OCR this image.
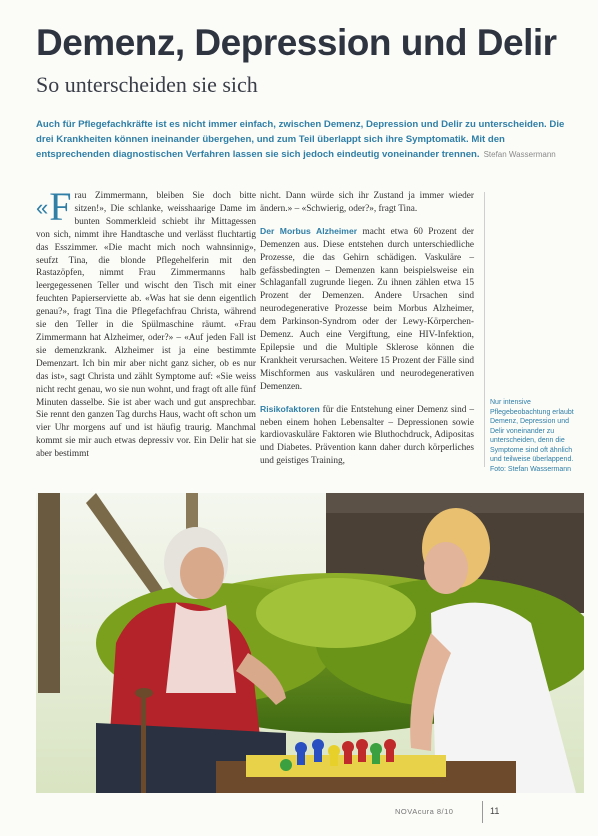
Demenz, Depression und Delir
So unterscheiden sie sich
Auch für Pflegefachkräfte ist es nicht immer einfach, zwischen Demenz, Depression und Delir zu unterscheiden. Die drei Krankheiten können ineinander übergehen, und zum Teil überlappt sich ihre Symptomatik. Mit den entsprechenden diagnostischen Verfahren lassen sie sich jedoch eindeutig voneinander trennen. Stefan Wassermann

« F rau Zimmermann, bleiben Sie doch bitte sitzen!», Die schlanke, weisshaarige Dame im bunten Sommerkleid schiebt ihr Mittagessen von sich, nimmt ihre Handtasche und verlässt fluchtartig das Esszimmer. «Die macht mich noch wahnsinnig», seufzt Tina, die blonde Pflegehelferin mit den Rastazöpfen, nimmt Frau Zimmermanns halb leergegessenen Teller und wischt den Tisch mit einer feuchten Papierserviette ab. «Was hat sie denn eigentlich genau?», fragt Tina die Pflegefachfrau Christa, während sie den Teller in die Spülmaschine räumt. «Frau Zimmermann hat Alzheimer, oder?» – «Auf jeden Fall ist sie demenzkrank. Alzheimer ist ja eine bestimmte Demenzart. Ich bin mir aber nicht ganz sicher, ob es nur das ist», sagt Christa und zählt Symptome auf: «Sie weiss nicht recht genau, wo sie nun wohnt, und fragt oft alle fünf Minuten dasselbe. Sie ist aber wach und gut ansprechbar. Sie rennt den ganzen Tag durchs Haus, wacht oft schon um vier Uhr morgens auf und ist häufig traurig. Manchmal kommt sie mir auch etwas depressiv vor. Ein Delir hat sie aber bestimmt

nicht. Dann würde sich ihr Zustand ja immer wieder ändern.» – «Schwierig, oder?», fragt Tina.

Der Morbus Alzheimer macht etwa 60 Prozent der Demenzen aus. Diese entstehen durch unterschiedliche Prozesse, die das Gehirn schädigen. Vaskuläre – gefässbedingten – Demenzen kann beispielsweise ein Schlaganfall zugrunde liegen. Zu ihnen zählen etwa 15 Prozent der Demenzen. Andere Ursachen sind neurodegenerative Prozesse beim Morbus Alzheimer, dem Parkinson-Syndrom oder der Lewy-Körperchen-Demenz. Auch eine Vergiftung, eine HIV-Infektion, Epilepsie und die Multiple Sklerose können die Krankheit verursachen. Weitere 15 Prozent der Fälle sind Mischformen aus vaskulären und neurodegenerativen Demenzen.

Risikofaktoren für die Entstehung einer Demenz sind – neben einem hohen Lebensalter – Depressionen sowie kardiovaskuläre Faktoren wie Bluthochdruck, Adipositas und Diabetes. Prävention kann daher durch körperliches und geistiges Training,

Nur intensive Pflegebeobachtung erlaubt Demenz, Depression und Delir voneinander zu unterscheiden, denn die Symptome sind oft ähnlich und teilweise überlappend. Foto: Stefan Wassermann
NOVAcura 8/10	11
